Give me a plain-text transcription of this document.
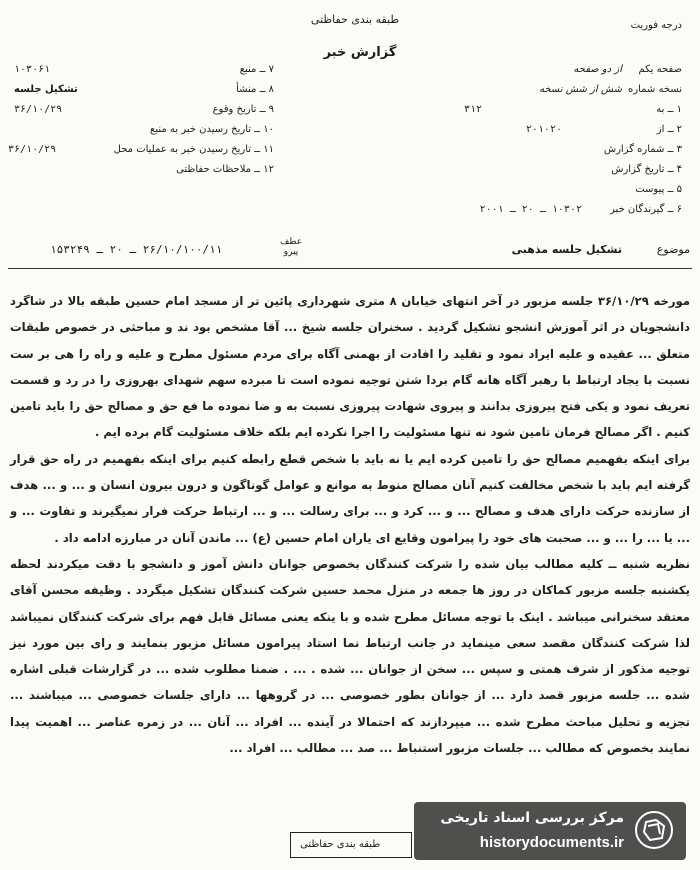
طبقه بندی حفاظتی
گزارش خبر
درجه فوریت
۷ ــ منبع
۱۰۳۰۶۱
۸ ــ منشأ
تشکیل جلسه
۹ ــ تاریخ وقوع
۳۶/۱۰/۲۹
۱۰ ــ تاریخ رسیدن خبر به منبع
۱۱ ــ تاریخ رسیدن خبر به عملیات محل
۳۶/۱۰/۲۹
۱۲ ــ ملاحظات حفاظتی
صفحه یکم
از دو صفحه
نسخه شماره
شش از شش نسخه
۱ ــ به
۳۱۲
۲ ــ از
۲۰۱۰۲۰
۳ ــ شماره گزارش
۴ ــ تاریخ گزارش
۵ ــ پیوست
۶ ــ گیرندگان خبر
۱۰۳۰۲ ـ ۲۰ ـ ۲۰۰۱
موضوع
تشکیل جلسه مذهبی
۲۶/۱۰/۱۰۰/۱۱ ـ ۲۰ ـ ۱۵۳۲۴۹
عطف
پیرو

مورخه ۳۶/۱۰/۲۹ جلسه مزبور در آخر انتهای خیابان ۸ متری شهرداری پائین تر از مسجد امام حسین طبقه بالا در شاگرد دانشجویان در اثر آموزش انشجو تشکیل گردید . سخنران جلسه شیخ ... آقا مشخص بود ند و مباحثی در خصوص طبقات متعلق ... عقیده و علیه ایراد نمود و تقلید را افادت از بهمنی آگاه برای مردم مسئول مطرح و علیه و راه را هی بر ست نسبت با یجاد ارتباط با رهبر آگاه هانه گام بردا شتن توجیه نموده است تا مبرده سهم شهدای بهروزی را در رد و قسمت تعریف نمود و یکی فتح پیروزی بدانند و پیروی شهادت پیروزی نسبت به و ضا نموده ما فع حق و مصالح حق را باید تامین کنیم . اگر مصالح فرمان تامین شود نه تنها مسئولیت را اجرا نکرده ایم بلکه خلاف مسئولیت گام برده ایم .

برای اینکه بفهمیم مصالح حق را تامین کرده ایم یا نه باید با شخص قطع رابطه کنیم برای اینکه بفهمیم در راه حق قرار گرفته ایم باید با شخص مخالفت کنیم آنان مصالح منوط به موانع و عوامل گوناگون و درون بیرون انسان و ... و ... هدف از سازنده حرکت دارای هدف و مصالح ... و ... کرد و ... برای رسالت ... و ... ارتباط حرکت فرار نمیگیرند و تفاوت ... و ... یا ... را ... و ... صحبت های خود را پیرامون وقایع ای یاران امام حسین (ع) ... ماندن آنان در مبارزه ادامه داد .

نظریه شنبه ــ کلیه مطالب بیان شده را شرکت کنندگان بخصوص جوانان دانش آموز و دانشجو با دقت میکردند لحظه یکشنبه جلسه مزبور کماکان در روز ها جمعه در منزل محمد حسین شرکت کنندگان تشکیل میگردد . وظیفه محسن آقای معتقد سخنرانی میباشد . اینک با توجه مسائل مطرح شده و با ینکه یعنی مسائل قابل فهم برای شرکت کنندگان نمیباشد لذا شرکت کنندگان مقصد سعی مینماید در جانب ارتباط نما استاد پیرامون مسائل مزبور بنمایند و رای بین مورد نیز توجیه مذکور از شرف همتی و سپس ... سخن از جوانان ... شده . ... . ضمنا مطلوب شده ... در گزارشات قبلی اشاره شده ... جلسه مزبور قصد دارد ... از جوانان بطور خصوصی ... در گروهها ... دارای جلسات خصوصی ... میباشند ... تجزیه و تحلیل مباحث مطرح شده ... میپردازند که احتمالا در آینده ... افراد ... آنان ... در زمره عناصر ... اهمیت پیدا نمایند بخصوص که مطالب ... جلسات مزبور استنباط ... صد ... مطالب ... افراد ...

طبقه بندی حفاظتی
مرکز بررسی اسناد تاریخی
historydocuments.ir
